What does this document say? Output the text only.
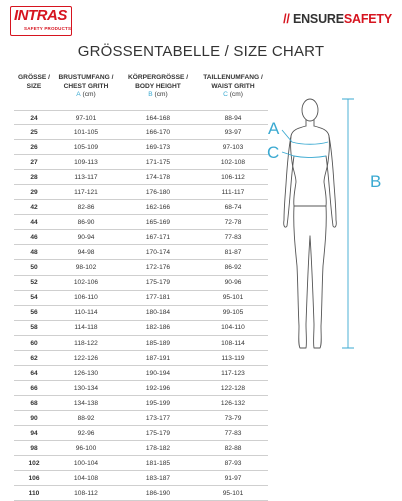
INTRAS
SAFETY PRODUCTS
// ENSURESAFETY
GRÖSSENTABELLE / SIZE CHART
GRÖSSE /
SIZE
BRUSTUMFANG /
CHEST GRITH
A (cm)
KÖRPERGRÖSSE /
BODY HEIGHT
B (cm)
TAILLENUMFANG /
WAIST GRITH
C (cm)
24	97-101	164-168	88-94
25	101-105	166-170	93-97
26	105-109	169-173	97-103
27	109-113	171-175	102-108
28	113-117	174-178	106-112
29	117-121	176-180	111-117
42	82-86	162-166	68-74
44	86-90	165-169	72-78
46	90-94	167-171	77-83
48	94-98	170-174	81-87
50	98-102	172-176	86-92
52	102-106	175-179	90-96
54	106-110	177-181	95-101
56	110-114	180-184	99-105
58	114-118	182-186	104-110
60	118-122	185-189	108-114
62	122-126	187-191	113-119
64	126-130	190-194	117-123
66	130-134	192-196	122-128
68	134-138	195-199	126-132
90	88-92	173-177	73-79
94	92-96	175-179	77-83
98	96-100	178-182	82-88
102	100-104	181-185	87-93
106	104-108	183-187	91-97
110	108-112	186-190	95-101
A
C
B
